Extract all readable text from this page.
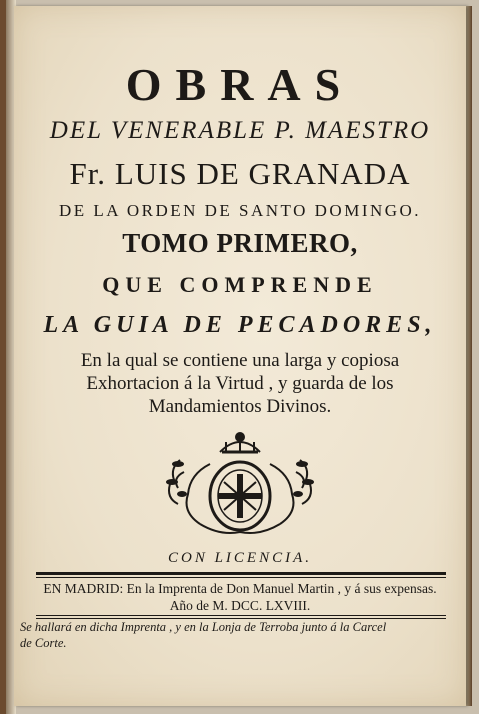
OBRAS
DEL VENERABLE P. MAESTRO
Fr. LUIS DE GRANADA
DE LA ORDEN DE SANTO DOMINGO.
TOMO PRIMERO,
QUE COMPRENDE
LA GUIA DE PECADORES,
En la qual se contiene una larga y copiosa
Exhortacion á la Virtud , y guarda de los
Mandamientos Divinos.
CON LICENCIA.
EN MADRID: En la Imprenta de Don Manuel Martin , y á sus expensas.
Año de M. DCC. LXVIII.
Se hallará en dicha Imprenta , y en la Lonja de Terroba junto á la Carcel
de Corte.
